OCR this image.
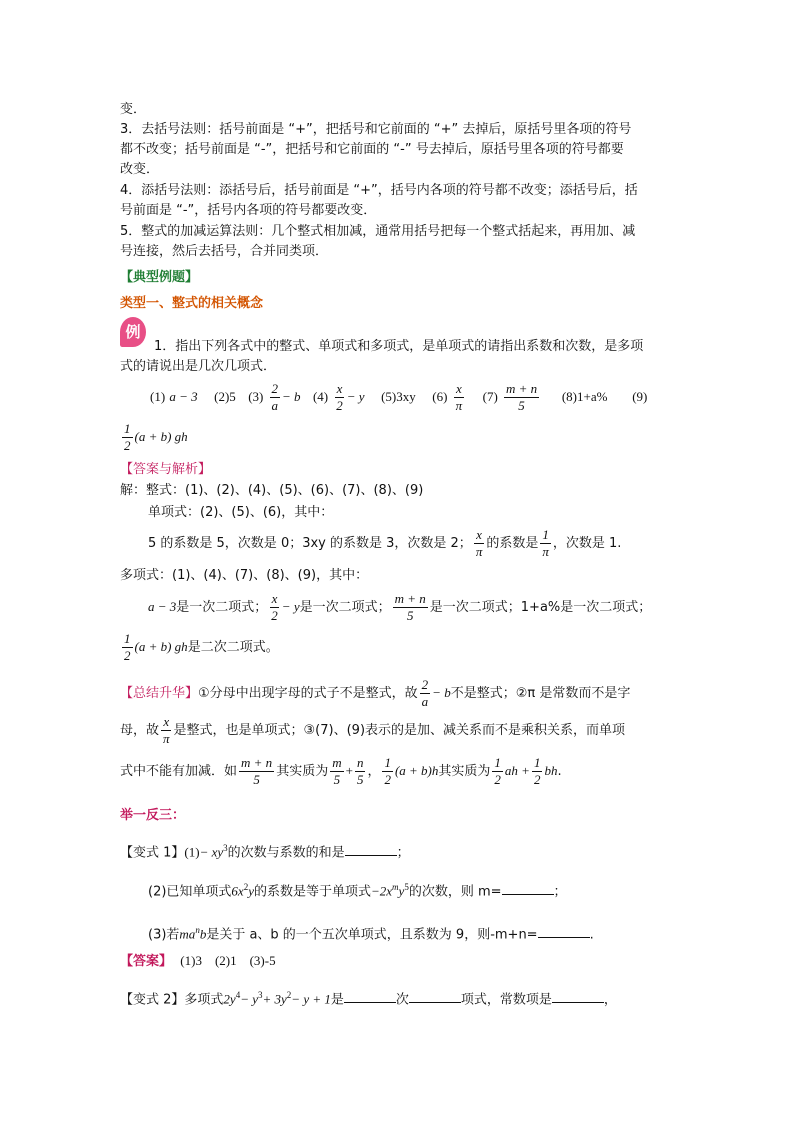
变．
3．去括号法则：括号前面是 “+”，把括号和它前面的 “+” 去掉后，原括号里各项的符号
都不改变；括号前面是 “-”，把括号和它前面的 “-” 号去掉后，原括号里各项的符号都要
改变．
4．添括号法则：添括号后，括号前面是 “+”，括号内各项的符号都不改变；添括号后，括
号前面是 “-”，括号内各项的符号都要改变．
5．整式的加减运算法则：几个整式相加减，通常用括号把每一个整式括起来，再用加、减
号连接，然后去括号，合并同类项．
【典型例题】
类型一、整式的相关概念
例
1．指出下列各式中的整式、单项式和多项式，是单项式的请指出系数和次数，是多项
式的请说出是几次几项式．
(1) a − 3 (2)5 $(3) \frac{2}{a} - b$ $(4) \frac{x}{2} - y$ (5)3xy $(6) \frac{x}{\pi} (7) \frac{m + n}{5} (8)1+a\%$ (9)
$\frac{1}{2} (a + b)$ gh
【答案与解析】
解：整式：(1)、(2)、(4)、(5)、(6)、(7)、(8)、(9)
单项式：(2)、(5)、(6)，其中：
5 的系数是 5，次数是 0；3xy 的系数是 3，次数是 2； $\frac{x}{\pi}$ 的系数是 $\frac{1}{\pi}$ ，次数是 1.
多项式：(1)、(4)、(7)、(8)、(9)，其中：
a − 3是一次二项式； $\frac{x}{2} - y$是一次二项式； $\frac{m + n}{5}$ 是一次二项式；1+a%是一次二项式；
$\frac{1}{2} (a + b)$ gh是二次二项式。
【总结升华】①分母中出现字母的式子不是整式，故 $\frac{2}{a} - b$不是整式；②π 是常数而不是字
母，故 $\frac{x}{\pi}$ 是整式，也是单项式；③(7)、(9)表示的是加、减关系而不是乘积关系，而单项
式中不能有加减．如 $\frac{m + n}{5}$ 其实质为 $\frac{m}{5} + \frac{n}{5}$ ， $\frac{1}{2} (a + b)h$其实质为 $\frac{1}{2}$ ah + $\frac{1}{2}$ bh.
举一反三：
【变式 1】$(1)- xy^3$的次数与系数的和是	；
(2)已知单项式$6x^2y$的系数是等于单项式$-2x^my^5$的次数，则 m=	；
(3)若$ma^nb$是关于 a、b 的一个五次单项式，且系数为 9，则-m+n=	.
【答案】 (1)3　(2)1　(3)-5
【变式 2】多项式$2y^4- y^3+ 3y^2- y + 1$是	次	项式，常数项是	，
